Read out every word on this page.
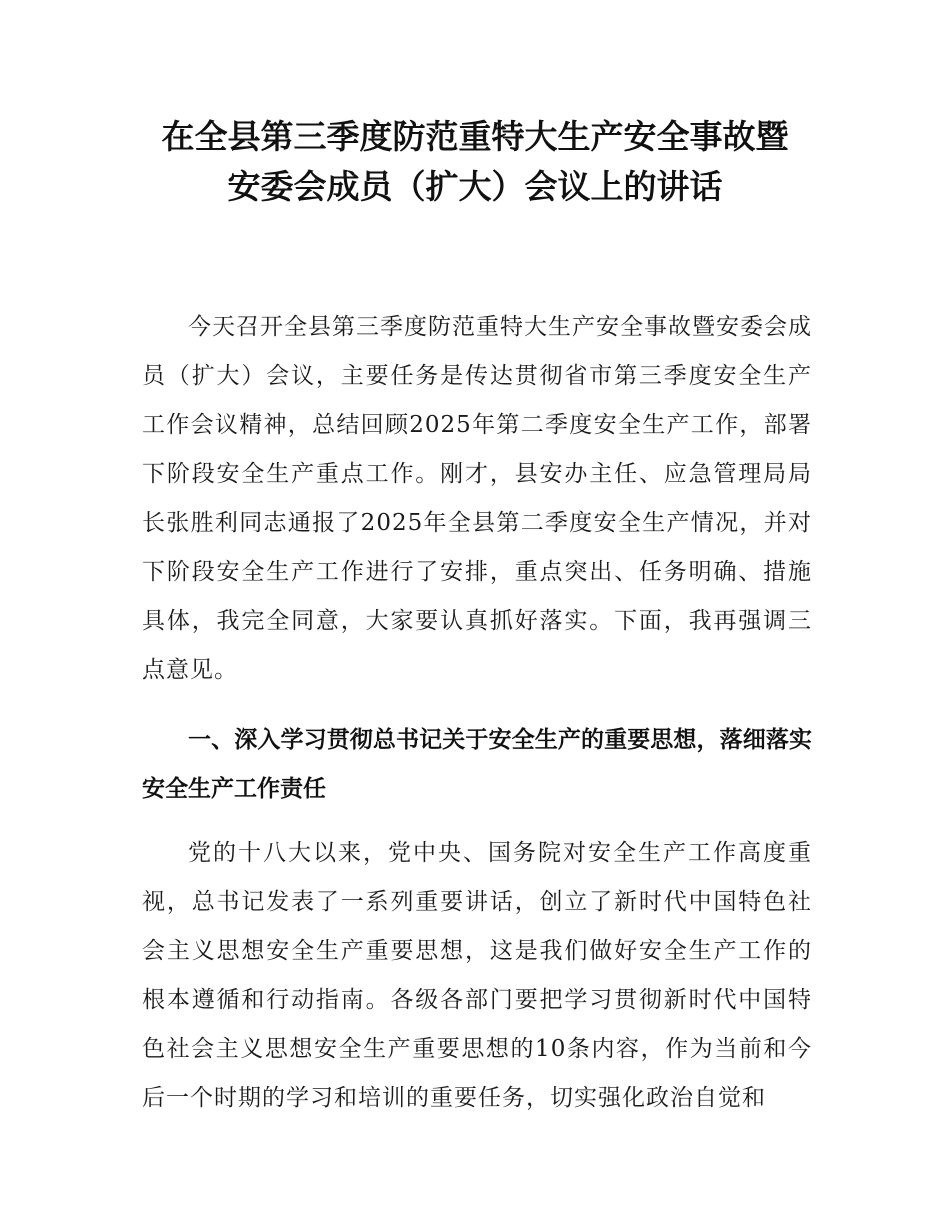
在全县第三季度防范重特大生产安全事故暨
安委会成员（扩大）会议上的讲话

今天召开全县第三季度防范重特大生产安全事故暨安委会成员（扩大）会议，主要任务是传达贯彻省市第三季度安全生产工作会议精神，总结回顾2025年第二季度安全生产工作，部署下阶段安全生产重点工作。刚才，县安办主任、应急管理局局长张胜利同志通报了2025年全县第二季度安全生产情况，并对下阶段安全生产工作进行了安排，重点突出、任务明确、措施具体，我完全同意，大家要认真抓好落实。下面，我再强调三点意见。

一、深入学习贯彻总书记关于安全生产的重要思想，落细落实安全生产工作责任

党的十八大以来，党中央、国务院对安全生产工作高度重视，总书记发表了一系列重要讲话，创立了新时代中国特色社会主义思想安全生产重要思想，这是我们做好安全生产工作的根本遵循和行动指南。各级各部门要把学习贯彻新时代中国特色社会主义思想安全生产重要思想的10条内容，作为当前和今后一个时期的学习和培训的重要任务，切实强化政治自觉和
